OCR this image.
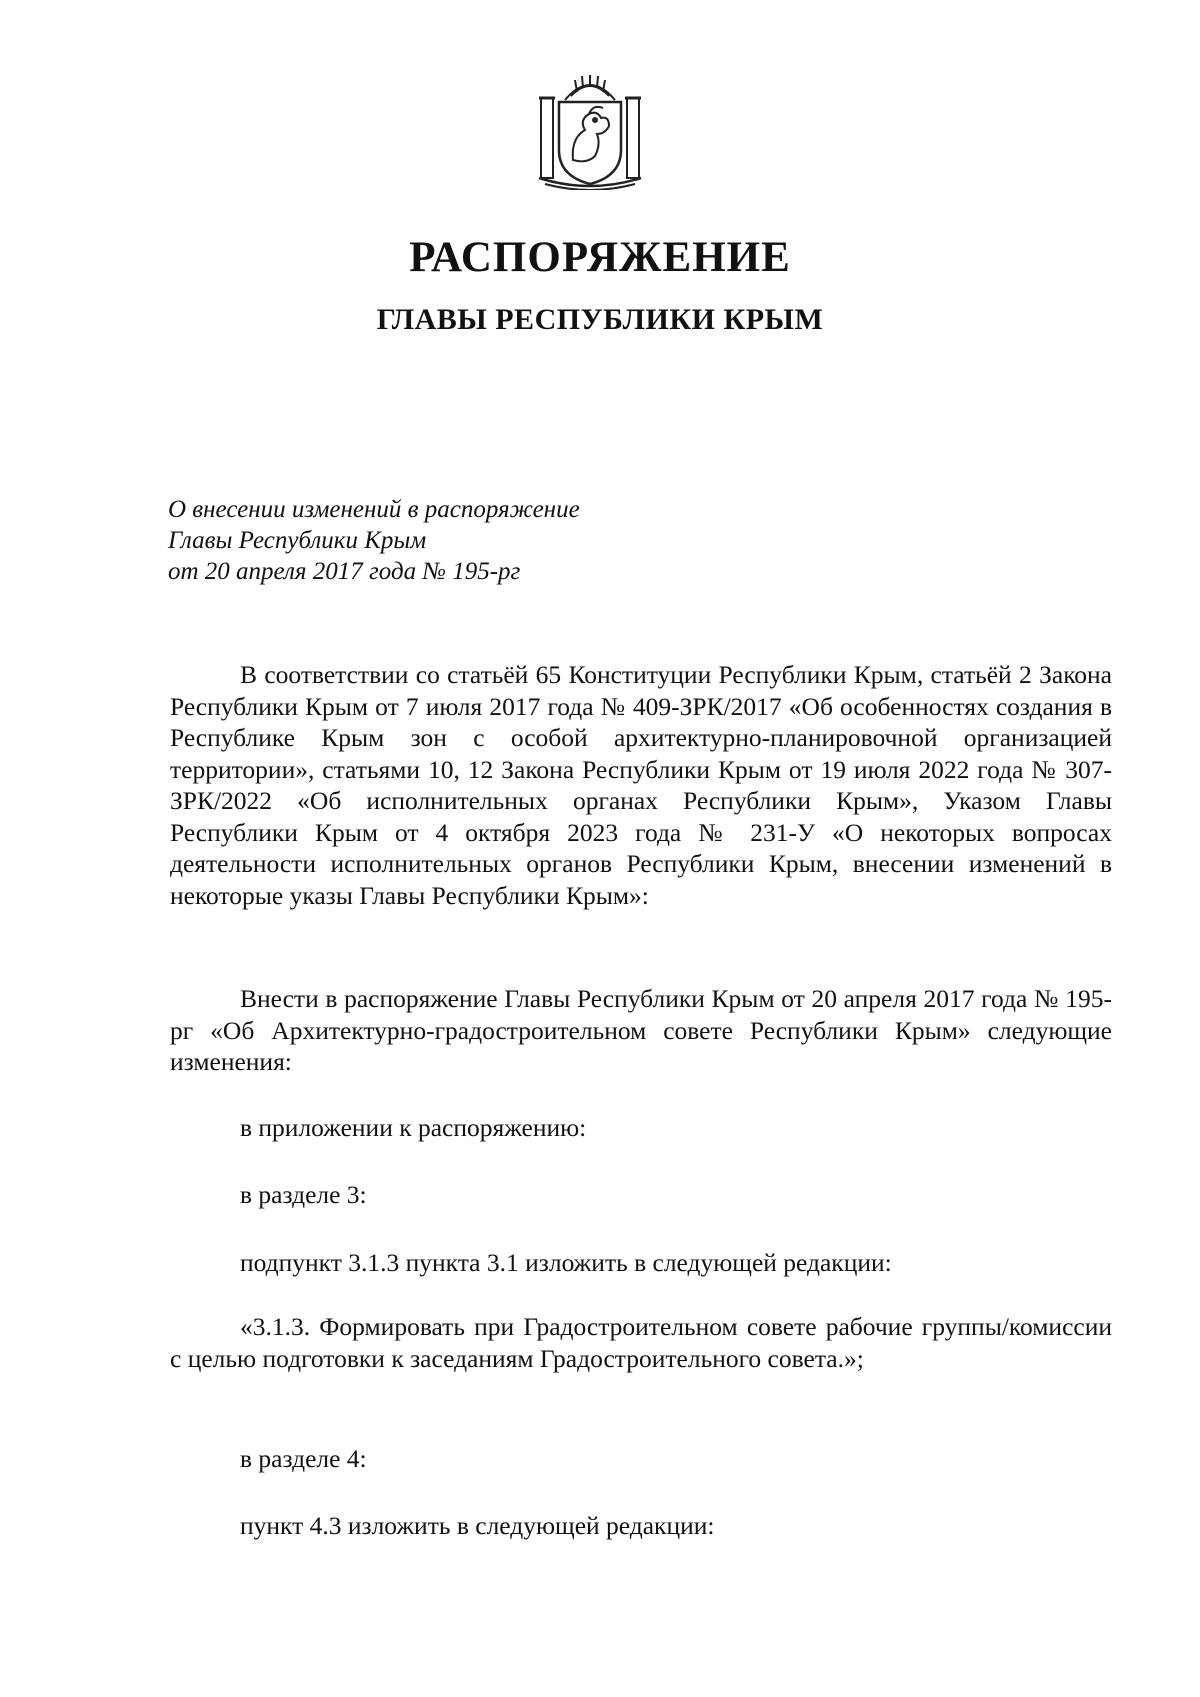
РАСПОРЯЖЕНИЕ
ГЛАВЫ РЕСПУБЛИКИ КРЫМ
О внесении изменений в распоряжение
Главы Республики Крым
от 20 апреля 2017 года № 195-рг

В соответствии со статьёй 65 Конституции Республики Крым, статьёй 2 Закона Республики Крым от 7 июля 2017 года № 409-ЗРК/2017 «Об особенностях создания в Республике Крым зон с особой архитектурно-планировочной организацией территории», статьями 10, 12 Закона Республики Крым от 19 июля 2022 года № 307-ЗРК/2022 «Об исполнительных органах Республики Крым», Указом Главы Республики Крым от 4 октября 2023 года № 231-У «О некоторых вопросах деятельности исполнительных органов Республики Крым, внесении изменений в некоторые указы Главы Республики Крым»:

Внести в распоряжение Главы Республики Крым от 20 апреля 2017 года № 195-рг «Об Архитектурно-градостроительном совете Республики Крым» следующие изменения:

в приложении к распоряжению:

в разделе 3:

подпункт 3.1.3 пункта 3.1 изложить в следующей редакции:

«3.1.3. Формировать при Градостроительном совете рабочие группы/комиссии с целью подготовки к заседаниям Градостроительного совета.»;

в разделе 4:

пункт 4.3 изложить в следующей редакции:
